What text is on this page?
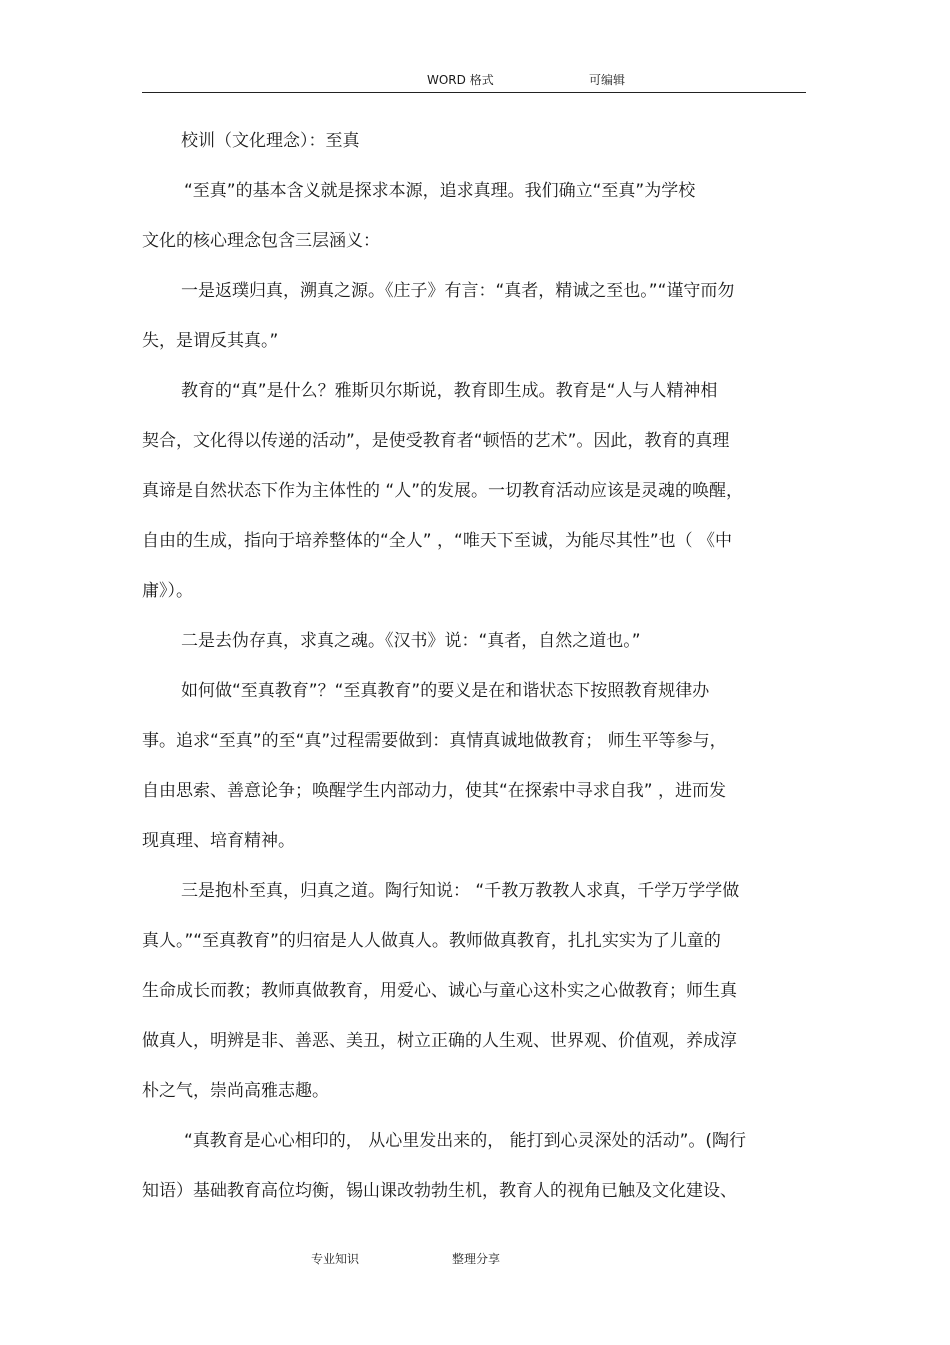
WORD 格式	可编辑
校训（文化理念）：至真
“至真”的基本含义就是探求本源，追求真理。我们确立“至真”为学校
文化的核心理念包含三层涵义：
一是返璞归真，溯真之源。《庄子》有言：“真者，精诚之至也。”“谨守而勿
失，是谓反其真。”
教育的“真”是什么？雅斯贝尔斯说，教育即生成。教育是“人与人精神相
契合，文化得以传递的活动”，是使受教育者“顿悟的艺术”。因此，教育的真理
真谛是自然状态下作为主体性的 “人”的发展。一切教育活动应该是灵魂的唤醒，
自由的生成，指向于培养整体的“全人” ，“唯天下至诚，为能尽其性”也（ 《中
庸》）。
二是去伪存真，求真之魂。《汉书》说：“真者，自然之道也。”
如何做“至真教育”？“至真教育”的要义是在和谐状态下按照教育规律办
事。追求“至真”的至“真”过程需要做到：真情真诚地做教育； 师生平等参与，
自由思索、善意论争；唤醒学生内部动力，使其“在探索中寻求自我” ，进而发
现真理、培育精神。
三是抱朴至真，归真之道。陶行知说： “千教万教教人求真，千学万学学做
真人。”“至真教育”的归宿是人人做真人。教师做真教育，扎扎实实为了儿童的
生命成长而教；教师真做教育，用爱心、诚心与童心这朴实之心做教育；师生真
做真人，明辨是非、善恶、美丑，树立正确的人生观、世界观、价值观，养成淳
朴之气，崇尚高雅志趣。
“真教育是心心相印的， 从心里发出来的， 能打到心灵深处的活动”。(陶行
知语）基础教育高位均衡，锡山课改勃勃生机，教育人的视角已触及文化建设、
专业知识	整理分享
